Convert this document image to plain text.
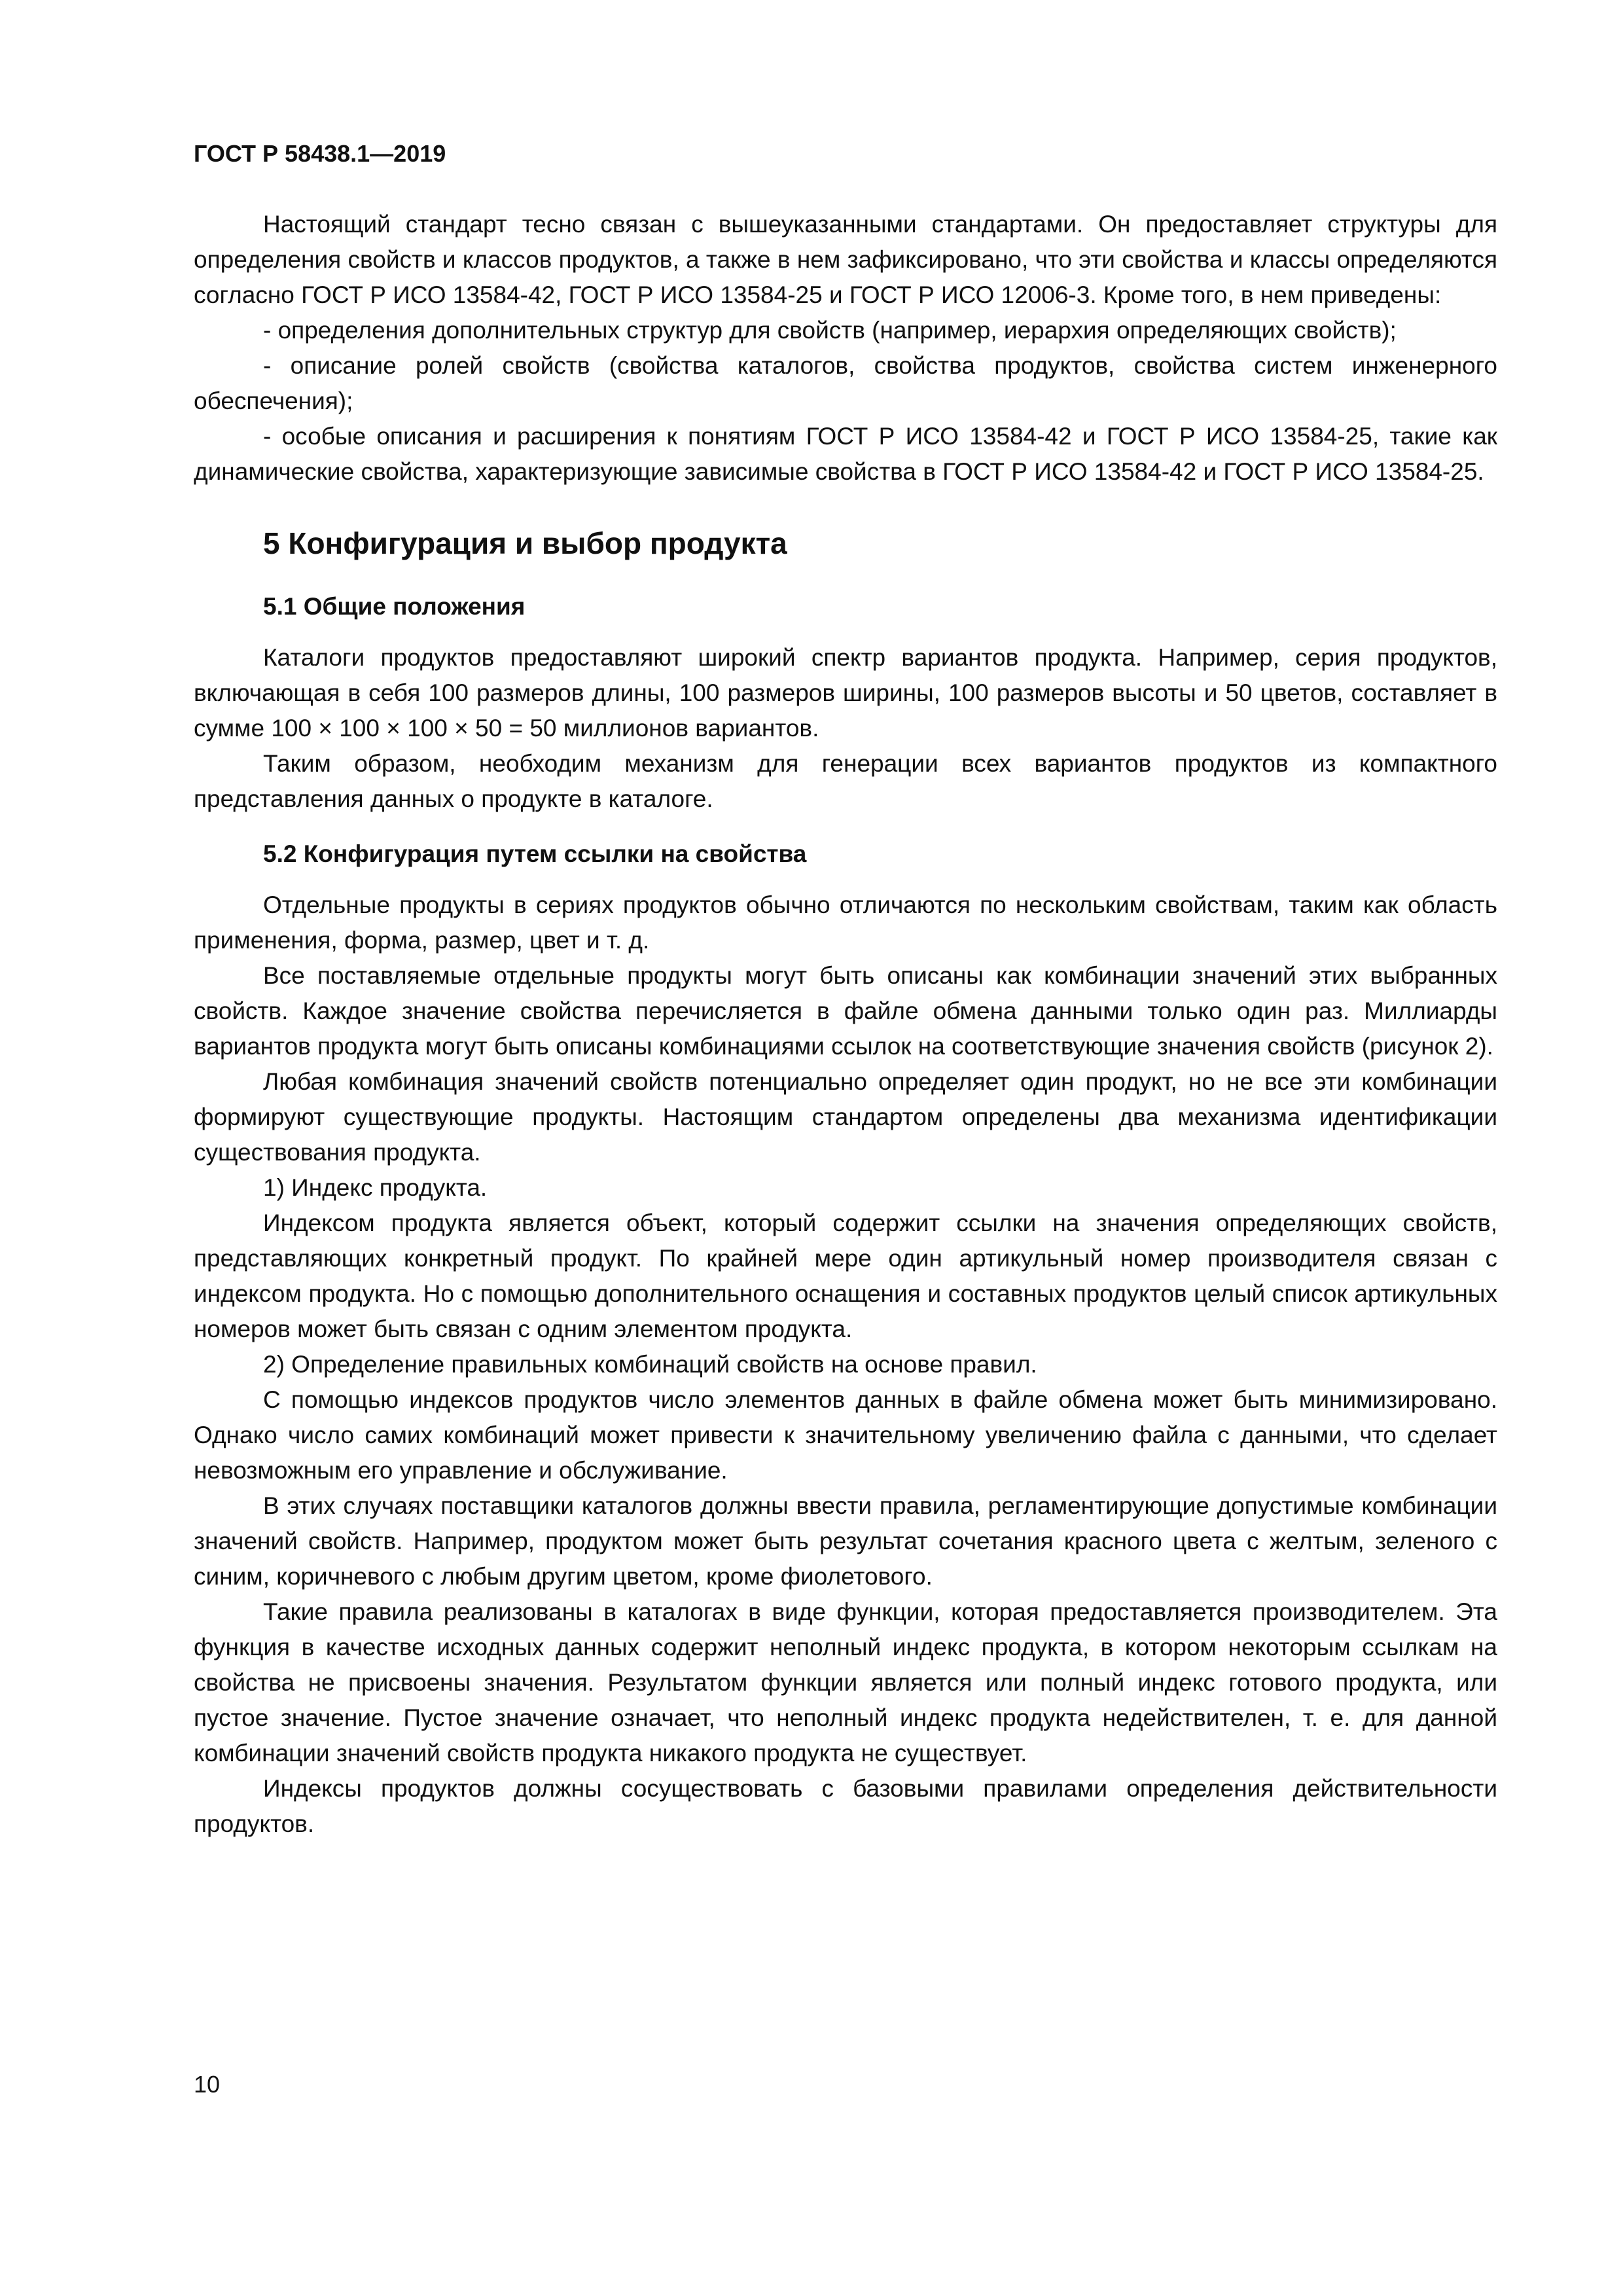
ГОСТ Р 58438.1—2019

Настоящий стандарт тесно связан с вышеуказанными стандартами. Он предоставляет структуры для определения свойств и классов продуктов, а также в нем зафиксировано, что эти свойства и классы определяются согласно ГОСТ Р ИСО 13584-42, ГОСТ Р ИСО 13584-25 и ГОСТ Р ИСО 12006-3. Кроме того, в нем приведены:

- определения дополнительных структур для свойств (например, иерархия определяющих свойств);

- описание ролей свойств (свойства каталогов, свойства продуктов, свойства систем инженерного обеспечения);

- особые описания и расширения к понятиям ГОСТ Р ИСО 13584-42 и ГОСТ Р ИСО 13584-25, такие как динамические свойства, характеризующие зависимые свойства в ГОСТ Р ИСО 13584-42 и ГОСТ Р ИСО 13584-25.

5 Конфигурация и выбор продукта
5.1 Общие положения

Каталоги продуктов предоставляют широкий спектр вариантов продукта. Например, серия продуктов, включающая в себя 100 размеров длины, 100 размеров ширины, 100 размеров высоты и 50 цветов, составляет в сумме 100 × 100 × 100 × 50 = 50 миллионов вариантов.

Таким образом, необходим механизм для генерации всех вариантов продуктов из компактного представления данных о продукте в каталоге.

5.2 Конфигурация путем ссылки на свойства

Отдельные продукты в сериях продуктов обычно отличаются по нескольким свойствам, таким как область применения, форма, размер, цвет и т. д.

Все поставляемые отдельные продукты могут быть описаны как комбинации значений этих выбранных свойств. Каждое значение свойства перечисляется в файле обмена данными только один раз. Миллиарды вариантов продукта могут быть описаны комбинациями ссылок на соответствующие значения свойств (рисунок 2).

Любая комбинация значений свойств потенциально определяет один продукт, но не все эти комбинации формируют существующие продукты. Настоящим стандартом определены два механизма идентификации существования продукта.

1) Индекс продукта.

Индексом продукта является объект, который содержит ссылки на значения определяющих свойств, представляющих конкретный продукт. По крайней мере один артикульный номер производителя связан с индексом продукта. Но с помощью дополнительного оснащения и составных продуктов целый список артикульных номеров может быть связан с одним элементом продукта.

2) Определение правильных комбинаций свойств на основе правил.

С помощью индексов продуктов число элементов данных в файле обмена может быть минимизировано. Однако число самих комбинаций может привести к значительному увеличению файла с данными, что сделает невозможным его управление и обслуживание.

В этих случаях поставщики каталогов должны ввести правила, регламентирующие допустимые комбинации значений свойств. Например, продуктом может быть результат сочетания красного цвета с желтым, зеленого с синим, коричневого с любым другим цветом, кроме фиолетового.

Такие правила реализованы в каталогах в виде функции, которая предоставляется производителем. Эта функция в качестве исходных данных содержит неполный индекс продукта, в котором некоторым ссылкам на свойства не присвоены значения. Результатом функции является или полный индекс готового продукта, или пустое значение. Пустое значение означает, что неполный индекс продукта недействителен, т. е. для данной комбинации значений свойств продукта никакого продукта не существует.

Индексы продуктов должны сосуществовать с базовыми правилами определения действительности продуктов.

10
